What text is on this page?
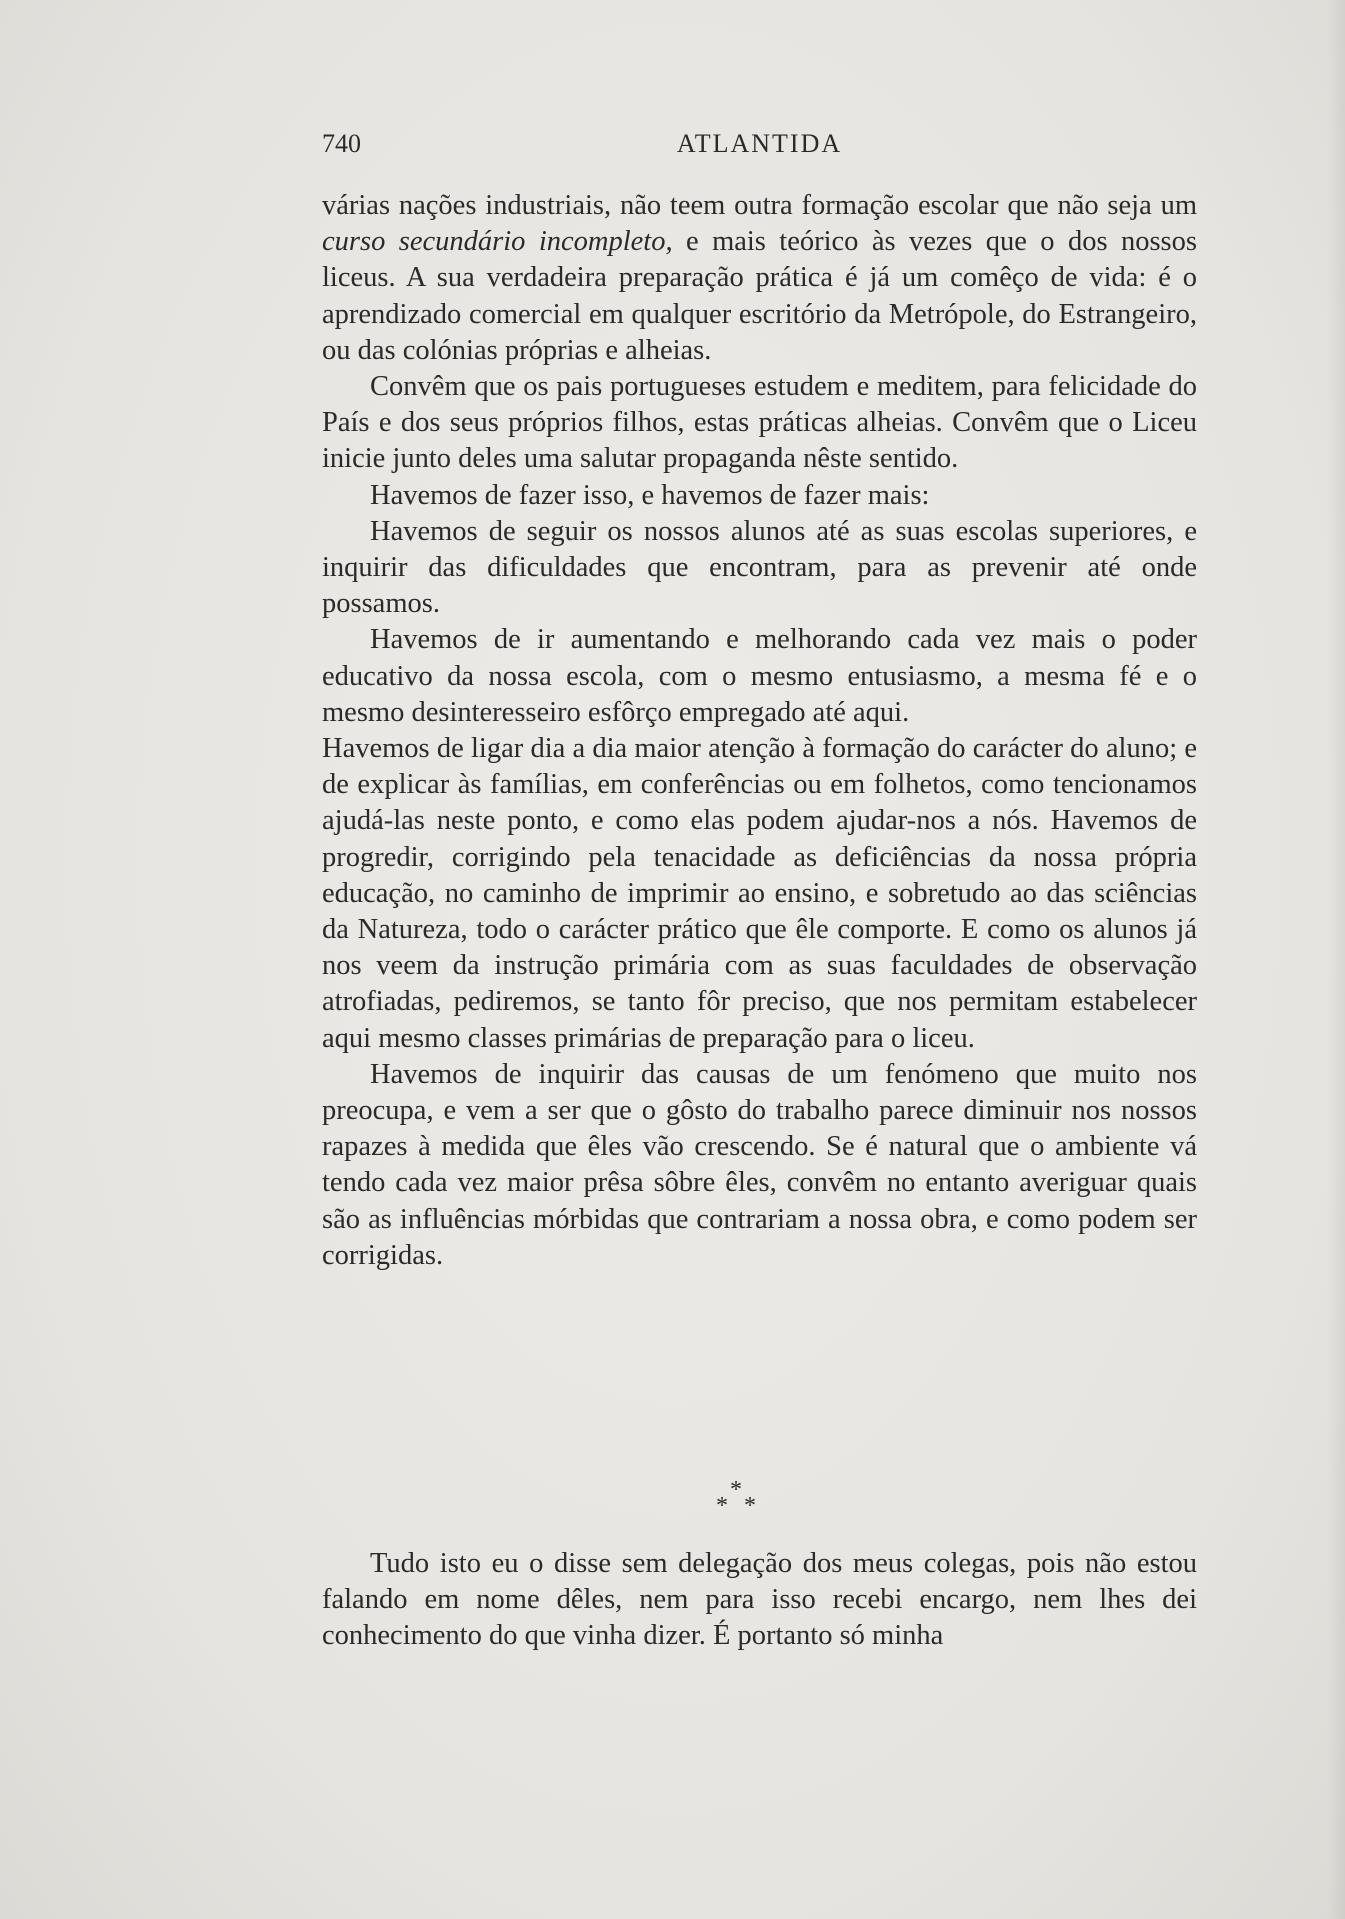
740	ATLANTIDA

várias nações industriais, não teem outra formação escolar que não seja um curso secundário incompleto, e mais teórico às vezes que o dos nossos liceus. A sua verdadeira preparação prática é já um comêço de vida: é o aprendizado comercial em qualquer escritório da Metrópole, do Estrangeiro, ou das colónias próprias e alheias.

Convêm que os pais portugueses estudem e meditem, para felicidade do País e dos seus próprios filhos, estas práticas alheias. Convêm que o Liceu inicie junto deles uma salutar propaganda nêste sentido.

Havemos de fazer isso, e havemos de fazer mais:

Havemos de seguir os nossos alunos até as suas escolas superiores, e inquirir das dificuldades que encontram, para as prevenir até onde possamos.

Havemos de ir aumentando e melhorando cada vez mais o poder educativo da nossa escola, com o mesmo entusiasmo, a mesma fé e o mesmo desinteresseiro esfôrço empregado até aqui.

Havemos de ligar dia a dia maior atenção à formação do carácter do aluno; e de explicar às famílias, em conferências ou em folhetos, como tencionamos ajudá-las neste ponto, e como elas podem ajudar-nos a nós. Havemos de progredir, corrigindo pela tenacidade as deficiências da nossa própria educação, no caminho de imprimir ao ensino, e sobretudo ao das sciências da Natureza, todo o carácter prático que êle comporte. E como os alunos já nos veem da instrução primária com as suas faculdades de observação atrofiadas, pediremos, se tanto fôr preciso, que nos permitam estabelecer aqui mesmo classes primárias de preparação para o liceu.

Havemos de inquirir das causas de um fenómeno que muito nos preocupa, e vem a ser que o gôsto do trabalho parece diminuir nos nossos rapazes à medida que êles vão crescendo. Se é natural que o ambiente vá tendo cada vez maior prêsa sôbre êles, convêm no entanto averiguar quais são as influências mórbidas que contrariam a nossa obra, e como podem ser corrigidas.

*
* *

Tudo isto eu o disse sem delegação dos meus colegas, pois não estou falando em nome dêles, nem para isso recebi encargo, nem lhes dei conhecimento do que vinha dizer. É portanto só minha
